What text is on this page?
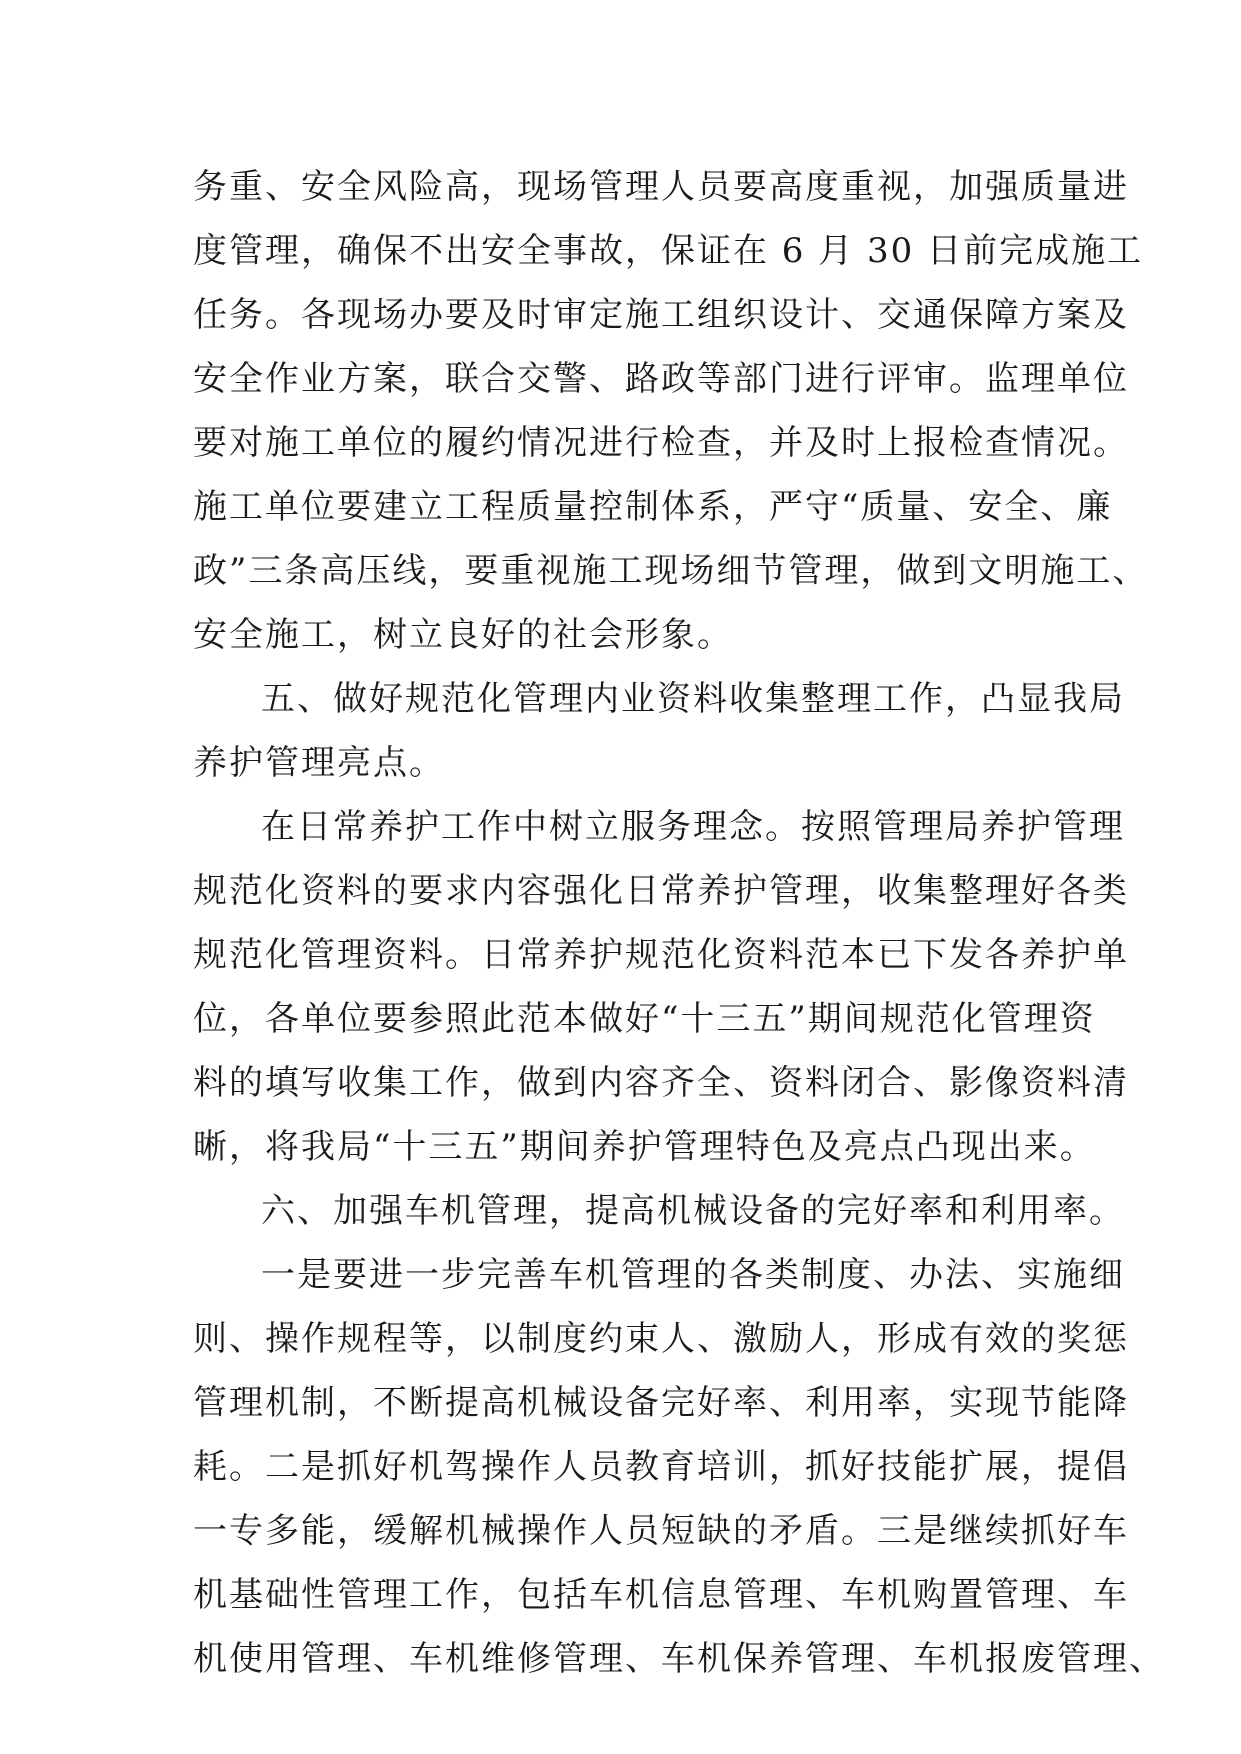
务重、安全风险高，现场管理人员要高度重视，加强质量进
度管理，确保不出安全事故，保证在 6 月 30 日前完成施工
任务。各现场办要及时审定施工组织设计、交通保障方案及
安全作业方案，联合交警、路政等部门进行评审。监理单位
要对施工单位的履约情况进行检查，并及时上报检查情况。
施工单位要建立工程质量控制体系，严守“质量、安全、廉
政”三条高压线，要重视施工现场细节管理，做到文明施工、
安全施工，树立良好的社会形象。
五、做好规范化管理内业资料收集整理工作，凸显我局
养护管理亮点。
在日常养护工作中树立服务理念。按照管理局养护管理
规范化资料的要求内容强化日常养护管理，收集整理好各类
规范化管理资料。日常养护规范化资料范本已下发各养护单
位，各单位要参照此范本做好“十三五”期间规范化管理资
料的填写收集工作，做到内容齐全、资料闭合、影像资料清
晰，将我局“十三五”期间养护管理特色及亮点凸现出来。
六、加强车机管理，提高机械设备的完好率和利用率。
一是要进一步完善车机管理的各类制度、办法、实施细
则、操作规程等，以制度约束人、激励人，形成有效的奖惩
管理机制，不断提高机械设备完好率、利用率，实现节能降
耗。二是抓好机驾操作人员教育培训，抓好技能扩展，提倡
一专多能，缓解机械操作人员短缺的矛盾。三是继续抓好车
机基础性管理工作，包括车机信息管理、车机购置管理、车
机使用管理、车机维修管理、车机保养管理、车机报废管理、
